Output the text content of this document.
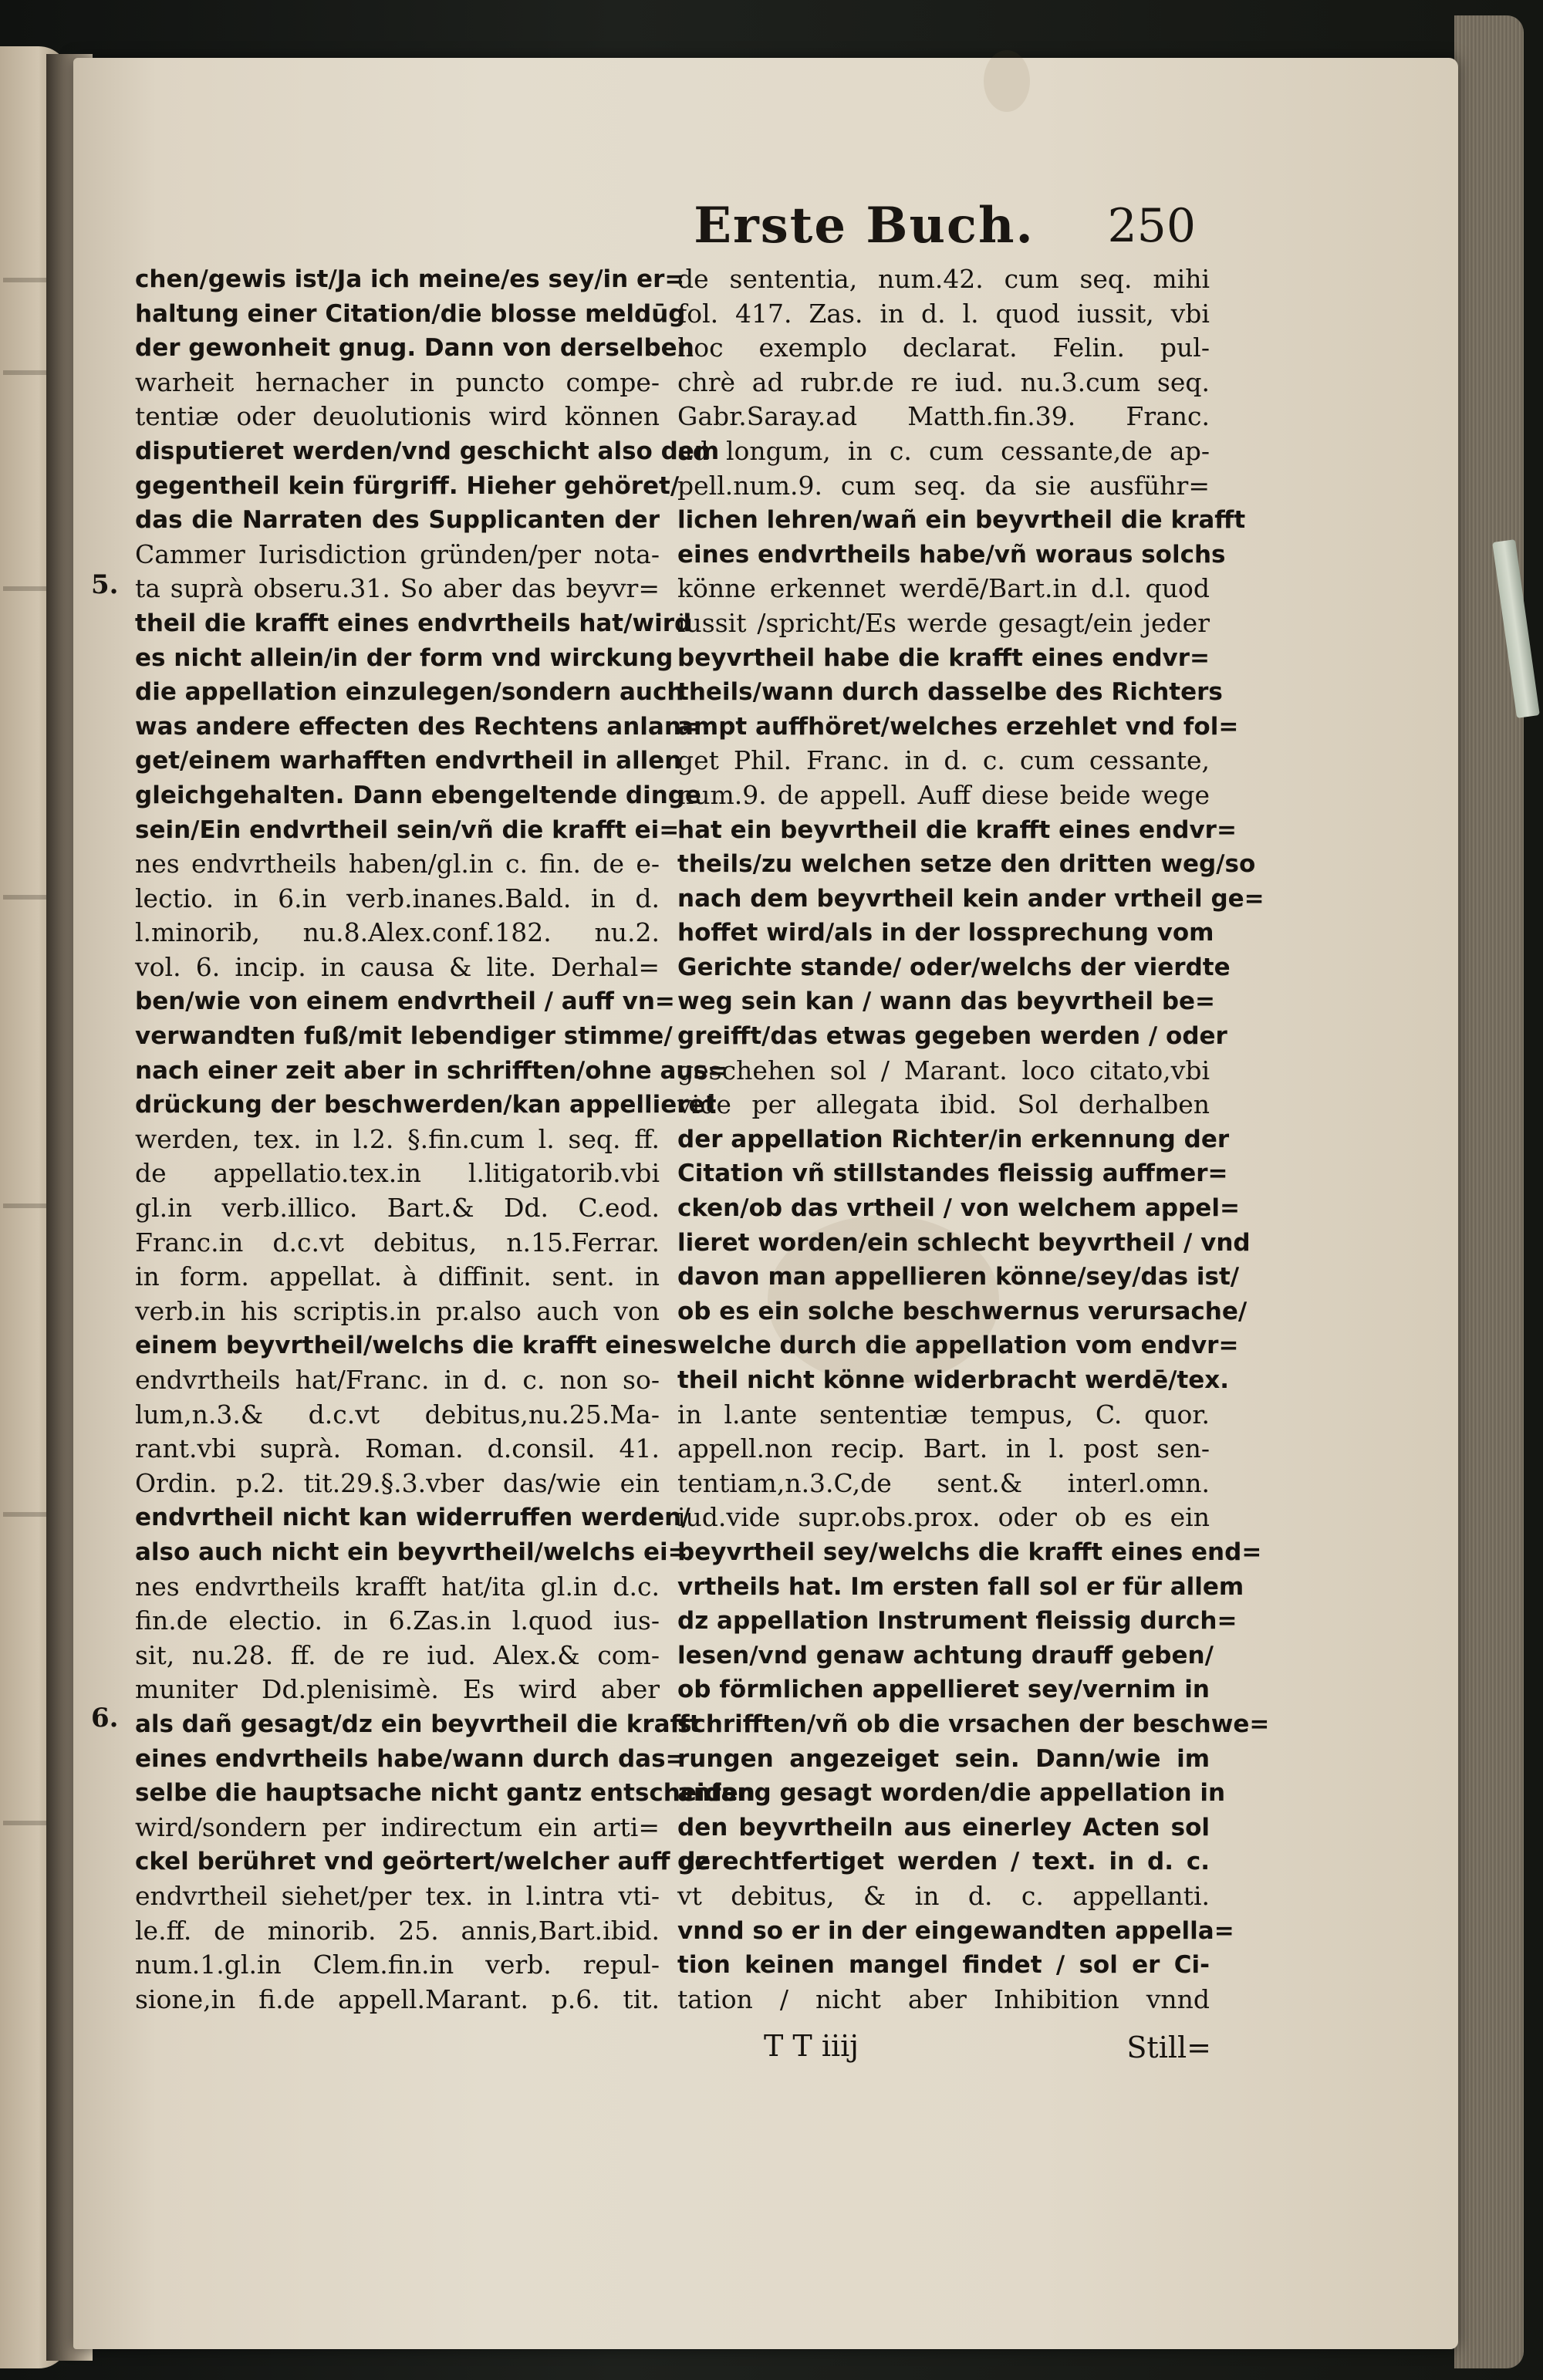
Erste Buch.	250
5.
6.
chen/gewis ist/Ja ich meine/es sey/in er=
haltung einer Citation/die blosse meldūg
der gewonheit gnug. Dann von derselben
warheit hernacher in puncto compe-
tentiæ oder deuolutionis wird können
disputieret werden/vnd geschicht also dem
gegentheil kein fürgriff. Hieher gehöret/
das die Narraten des Supplicanten der
Cammer Iurisdiction gründen/per nota-
ta suprà obseru.31. So aber das beyvr=
theil die krafft eines endvrtheils hat/wird
es nicht allein/in der form vnd wirckung
die appellation einzulegen/sondern auch
was andere effecten des Rechtens anlan=
get/einem warhafften endvrtheil in allen
gleichgehalten. Dann ebengeltende dinge
sein/Ein endvrtheil sein/vñ die krafft ei=
nes endvrtheils haben/gl.in c. fin. de e-
lectio. in 6.in verb.inanes.Bald. in d.
l.minorib, nu.8.Alex.conf.182. nu.2.
vol. 6. incip. in causa & lite. Derhal=
ben/wie von einem endvrtheil / auff vn=
verwandten fuß/mit lebendiger stimme/
nach einer zeit aber in schrifften/ohne aus=
drückung der beschwerden/kan appellieret
werden, tex. in l.2. §.fin.cum l. seq. ff.
de appellatio.tex.in l.litigatorib.vbi
gl.in verb.illico. Bart.& Dd. C.eod.
Franc.in d.c.vt debitus, n.15.Ferrar.
in form. appellat. à diffinit. sent. in
verb.in his scriptis.in pr.also auch von
einem beyvrtheil/welchs die krafft eines
endvrtheils hat/Franc. in d. c. non so-
lum,n.3.& d.c.vt debitus,nu.25.Ma-
rant.vbi suprà. Roman. d.consil. 41.
Ordin. p.2. tit.29.§.3.vber das/wie ein
endvrtheil nicht kan widerruffen werden/
also auch nicht ein beyvrtheil/welchs ei=
nes endvrtheils krafft hat/ita gl.in d.c.
fin.de electio. in 6.Zas.in l.quod ius-
sit, nu.28. ff. de re iud. Alex.& com-
muniter Dd.plenisimè. Es wird aber
als dañ gesagt/dz ein beyvrtheil die krafft
eines endvrtheils habe/wann durch das=
selbe die hauptsache nicht gantz entscheiden
wird/sondern per indirectum ein arti=
ckel berühret vnd geörtert/welcher auff dz
endvrtheil siehet/per tex. in l.intra vti-
le.ff. de minorib. 25. annis,Bart.ibid.
num.1.gl.in Clem.fin.in verb. repul-
sione,in fi.de appell.Marant. p.6. tit.
de sententia, num.42. cum seq. mihi
fol. 417. Zas. in d. l. quod iussit, vbi
hoc exemplo declarat. Felin. pul-
chrè ad rubr.de re iud. nu.3.cum seq.
Gabr.Saray.ad Matth.fin.39. Franc.
ad longum, in c. cum cessante,de ap-
pell.num.9. cum seq. da sie ausführ=
lichen lehren/wañ ein beyvrtheil die krafft
eines endvrtheils habe/vñ woraus solchs
könne erkennet werdē/Bart.in d.l. quod
iussit /spricht/Es werde gesagt/ein jeder
beyvrtheil habe die krafft eines endvr=
theils/wann durch dasselbe des Richters
ampt auffhöret/welches erzehlet vnd fol=
get Phil. Franc. in d. c. cum cessante,
num.9. de appell. Auff diese beide wege
hat ein beyvrtheil die krafft eines endvr=
theils/zu welchen setze den dritten weg/so
nach dem beyvrtheil kein ander vrtheil ge=
hoffet wird/als in der lossprechung vom
Gerichte stande/ oder/welchs der vierdte
weg sein kan / wann das beyvrtheil be=
greifft/das etwas gegeben werden / oder
geschehen sol / Marant. loco citato,vbi
vide per allegata ibid. Sol derhalben
der appellation Richter/in erkennung der
Citation vñ stillstandes fleissig auffmer=
cken/ob das vrtheil / von welchem appel=
lieret worden/ein schlecht beyvrtheil / vnd
davon man appellieren könne/sey/das ist/
ob es ein solche beschwernus verursache/
welche durch die appellation vom endvr=
theil nicht könne widerbracht werdē/tex.
in l.ante sententiæ tempus, C. quor.
appell.non recip. Bart. in l. post sen-
tentiam,n.3.C,de sent.& interl.omn.
iud.vide supr.obs.prox. oder ob es ein
beyvrtheil sey/welchs die krafft eines end=
vrtheils hat. Im ersten fall sol er für allem
dz appellation Instrument fleissig durch=
lesen/vnd genaw achtung drauff geben/
ob förmlichen appellieret sey/vernim in
schrifften/vñ ob die vrsachen der beschwe=
rungen angezeiget sein. Dann/wie im
anfang gesagt worden/die appellation in
den beyvrtheiln aus einerley Acten sol
gerechtfertiget werden / text. in d. c.
vt debitus, & in d. c. appellanti.
vnnd so er in der eingewandten appella=
tion keinen mangel findet / sol er Ci-
tation / nicht aber Inhibition vnnd
T T iiij	Still=
